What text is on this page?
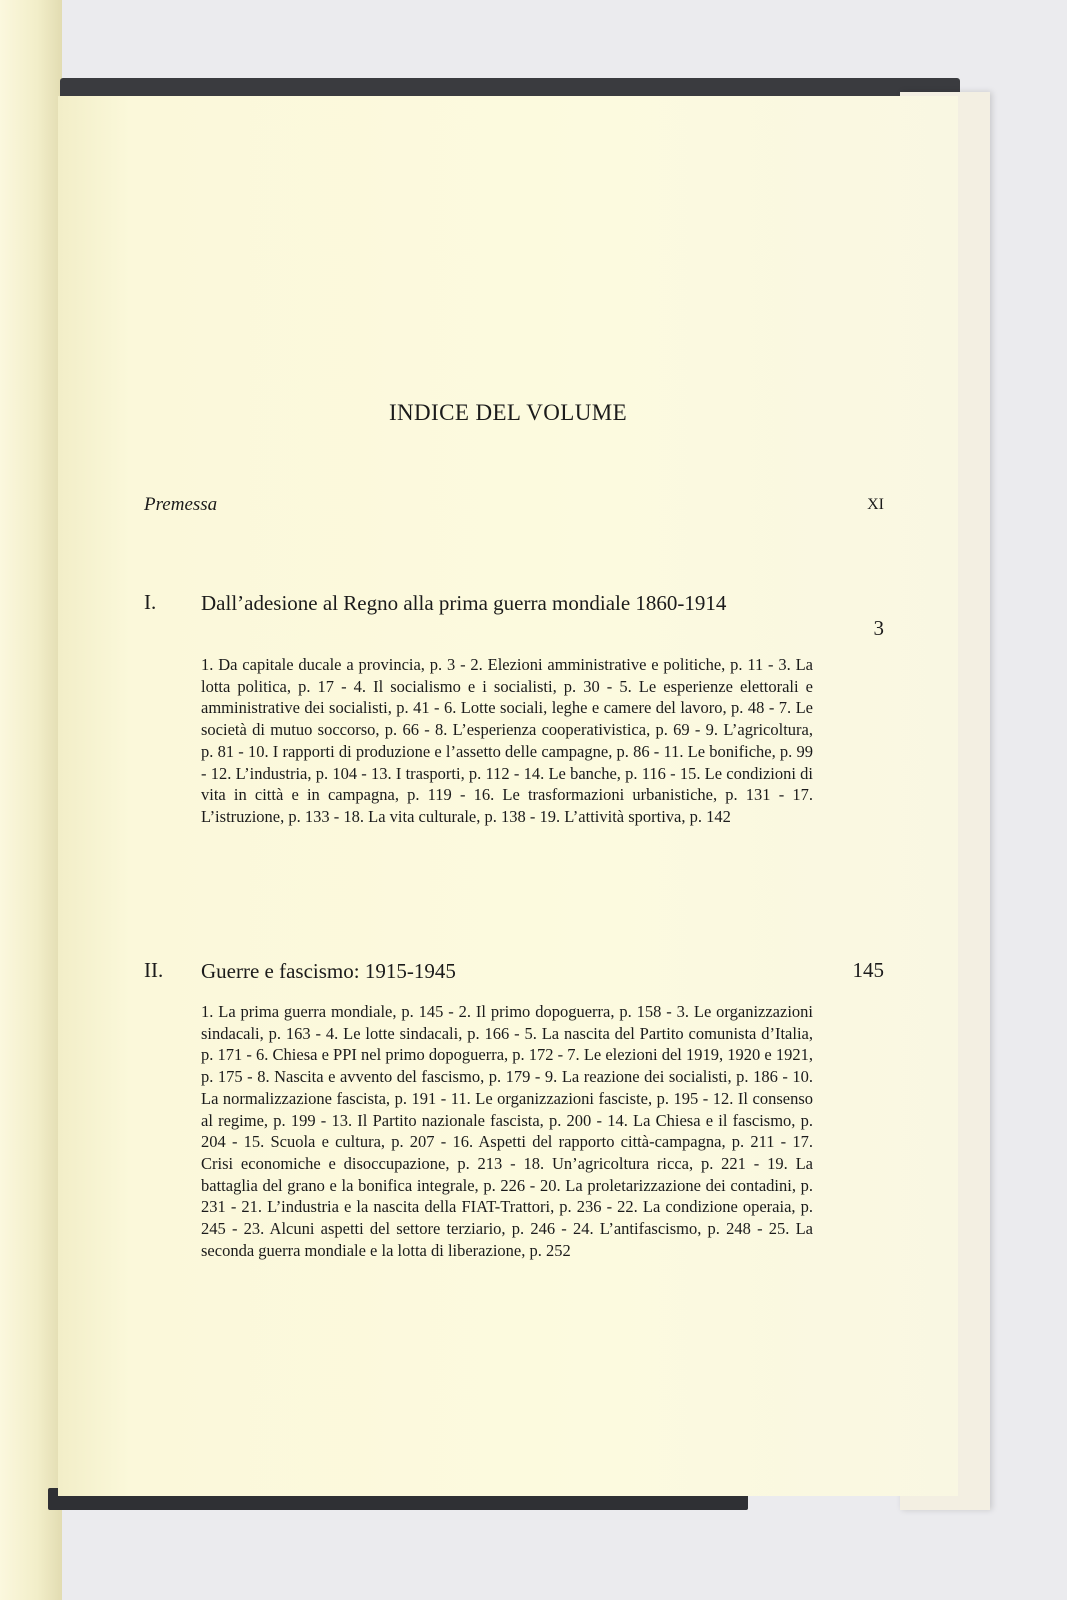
INDICE DEL VOLUME
Premessa	XI
I. Dall’adesione al Regno alla prima guerra mondiale 1860-1914
3
1. Da capitale ducale a provincia, p. 3 - 2. Elezioni amministrative e politiche, p. 11 - 3. La lotta politica, p. 17 - 4. Il socialismo e i socialisti, p. 30 - 5. Le esperienze elettorali e amministrative dei socialisti, p. 41 - 6. Lotte sociali, leghe e camere del lavoro, p. 48 - 7. Le società di mutuo soccorso, p. 66 - 8. L’esperienza cooperativistica, p. 69 - 9. L’agricoltura, p. 81 - 10. I rapporti di produzione e l’assetto delle campagne, p. 86 - 11. Le bonifiche, p. 99 - 12. L’industria, p. 104 - 13. I trasporti, p. 112 - 14. Le banche, p. 116 - 15. Le condizioni di vita in città e in campagna, p. 119 - 16. Le trasformazioni urbanistiche, p. 131 - 17. L’istruzione, p. 133 - 18. La vita culturale, p. 138 - 19. L’attività sportiva, p. 142
II. Guerre e fascismo: 1915-1945	145
1. La prima guerra mondiale, p. 145 - 2. Il primo dopoguerra, p. 158 - 3. Le organizzazioni sindacali, p. 163 - 4. Le lotte sindacali, p. 166 - 5. La nascita del Partito comunista d’Italia, p. 171 - 6. Chiesa e PPI nel primo dopoguerra, p. 172 - 7. Le elezioni del 1919, 1920 e 1921, p. 175 - 8. Nascita e avvento del fascismo, p. 179 - 9. La reazione dei socialisti, p. 186 - 10. La normalizzazione fascista, p. 191 - 11. Le organizzazioni fasciste, p. 195 - 12. Il consenso al regime, p. 199 - 13. Il Partito nazionale fascista, p. 200 - 14. La Chiesa e il fascismo, p. 204 - 15. Scuola e cultura, p. 207 - 16. Aspetti del rapporto città-campagna, p. 211 - 17. Crisi economiche e disoccupazione, p. 213 - 18. Un’agricoltura ricca, p. 221 - 19. La battaglia del grano e la bonifica integrale, p. 226 - 20. La proletarizzazione dei contadini, p. 231 - 21. L’industria e la nascita della FIAT-Trattori, p. 236 - 22. La condizione operaia, p. 245 - 23. Alcuni aspetti del settore terziario, p. 246 - 24. L’antifascismo, p. 248 - 25. La seconda guerra mondiale e la lotta di liberazione, p. 252
